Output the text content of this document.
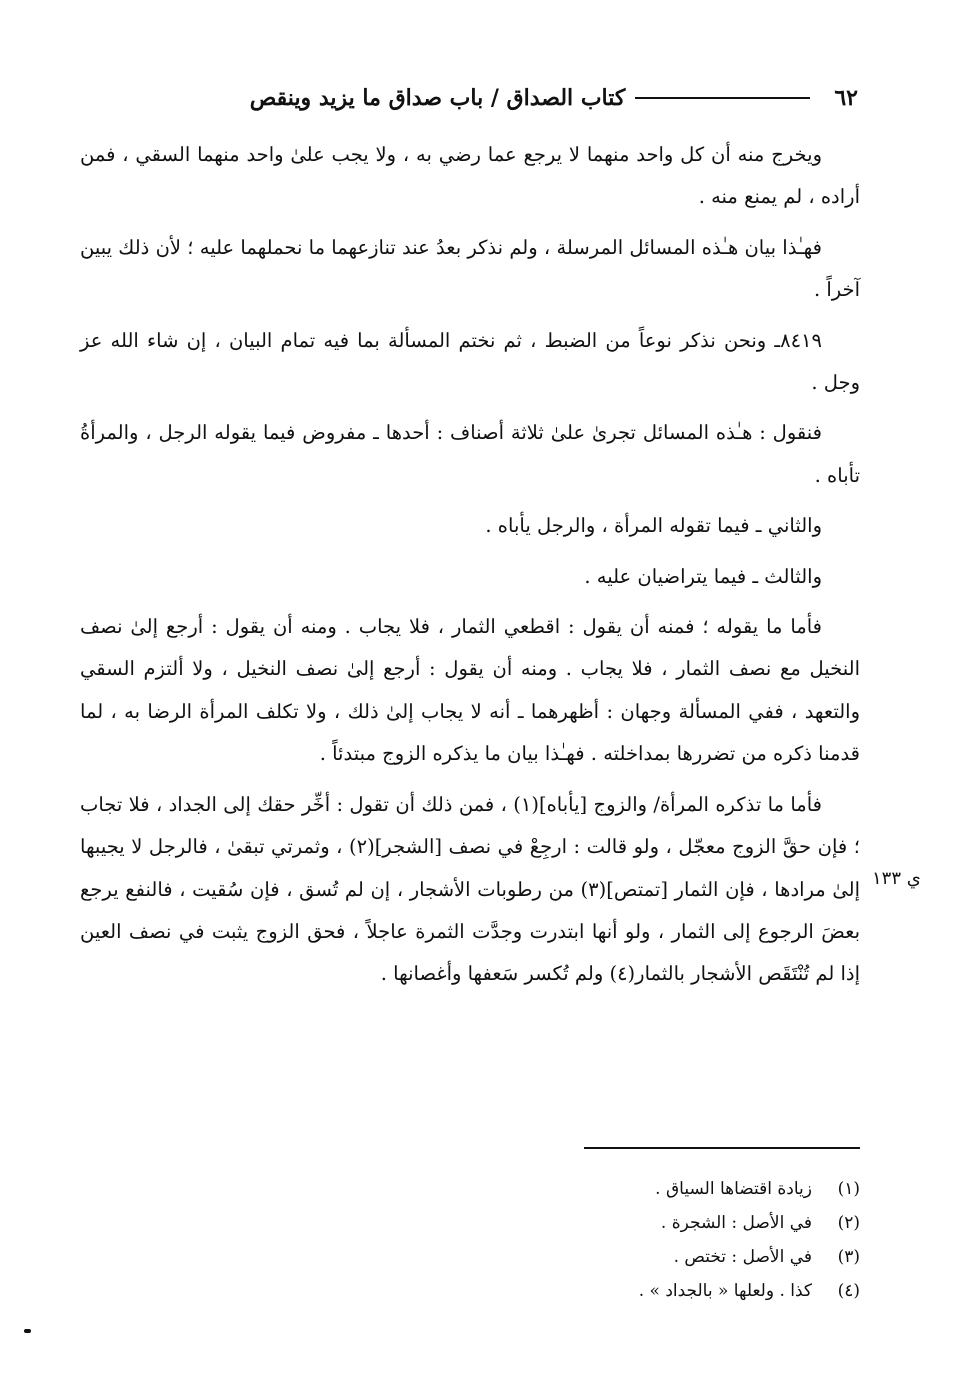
٦٢
كتاب الصداق / باب صداق ما يزيد وينقص

ويخرج منه أن كل واحد منهما لا يرجع عما رضي به ، ولا يجب علىٰ واحد منهما السقي ، فمن أراده ، لم يمنع منه .

فهـٰذا بيان هـٰذه المسائل المرسلة ، ولم نذكر بعدُ عند تنازعهما ما نحملهما عليه ؛ لأن ذلك يبين آخراً .

٨٤١٩ـ ونحن نذكر نوعاً من الضبط ، ثم نختم المسألة بما فيه تمام البيان ، إن شاء الله عز وجل .

فنقول : هـٰذه المسائل تجرىٰ علىٰ ثلاثة أصناف : أحدها ـ مفروض فيما يقوله الرجل ، والمرأةُ تأباه .

والثاني ـ فيما تقوله المرأة ، والرجل يأباه .

والثالث ـ فيما يتراضيان عليه .

فأما ما يقوله ؛ فمنه أن يقول : اقطعي الثمار ، فلا يجاب . ومنه أن يقول : أرجع إلىٰ نصف النخيل مع نصف الثمار ، فلا يجاب . ومنه أن يقول : أرجع إلىٰ نصف النخيل ، ولا ألتزم السقي والتعهد ، ففي المسألة وجهان : أظهرهما ـ أنه لا يجاب إلىٰ ذلك ، ولا تكلف المرأة الرضا به ، لما قدمنا ذكره من تضررها بمداخلته . فهـٰذا بيان ما يذكره الزوج مبتدئاً .

فأما ما تذكره المرأة/ والزوج [يأباه](١) ، فمن ذلك أن تقول : أخِّر حقك إلى الجداد ، فلا تجاب ؛ فإن حقَّ الزوج معجّل ، ولو قالت : ارجِعْ في نصف [الشجر](٢) ، وثمرتي تبقىٰ ، فالرجل لا يجيبها إلىٰ مرادها ، فإن الثمار [تمتص](٣) من رطوبات الأشجار ، إن لم تُسق ، فإن سُقيت ، فالنفع يرجع بعضَ الرجوع إلى الثمار ، ولو أنها ابتدرت وجدَّت الثمرة عاجلاً ، فحق الزوج يثبت في نصف العين إذا لم تُنْتَقَص الأشجار بالثمار(٤) ولم تُكسر سَعفها وأغصانها .

ي ١٣٣
(١)
زيادة اقتضاها السياق .
(٢)
في الأصل : الشجرة .
(٣)
في الأصل : تختص .
(٤)
كذا . ولعلها « بالجداد » .
